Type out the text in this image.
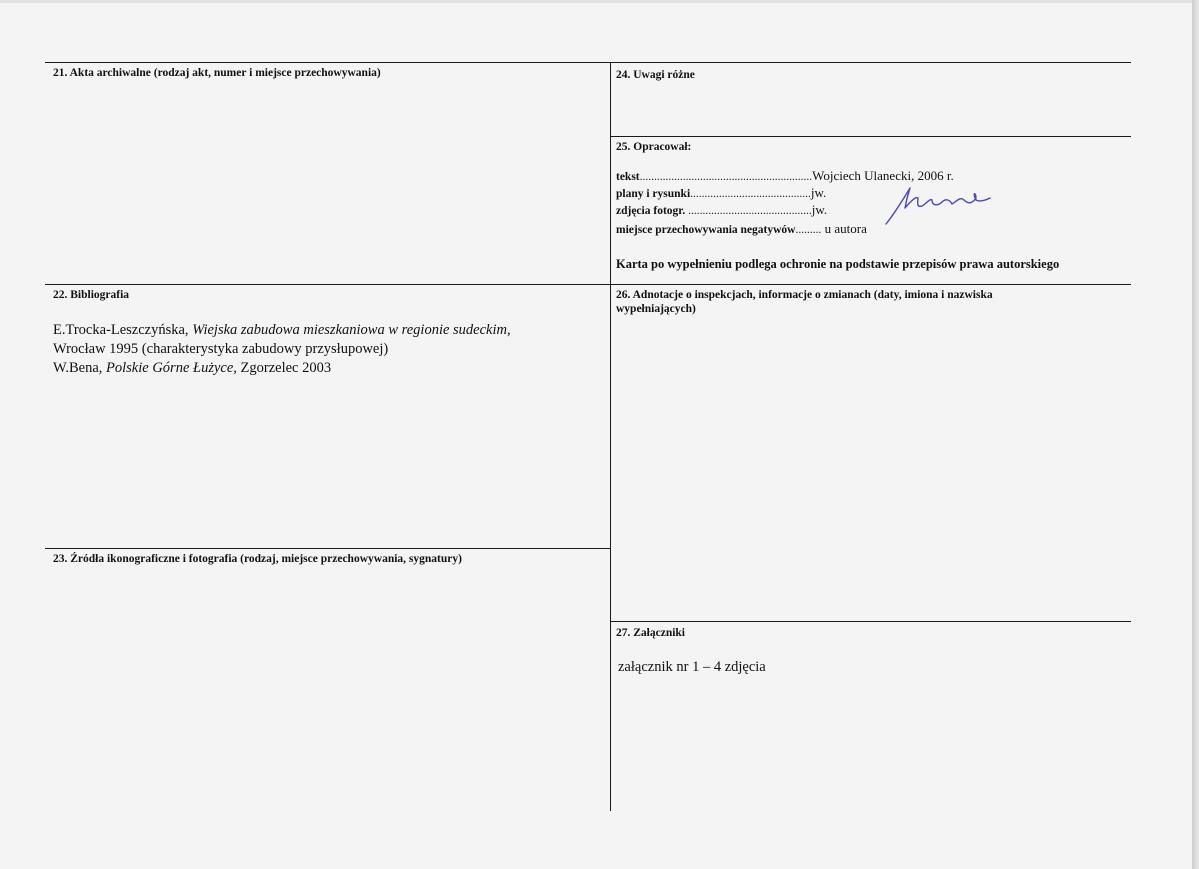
21. Akta archiwalne (rodzaj akt, numer i miejsce przechowywania)	24. Uwagi różne
25. Opracował:
tekst............................................................Wojciech Ulanecki, 2006 r.
plany i rysunki..........................................jw.
zdjęcia fotogr. ...........................................jw.
miejsce przechowywania negatywów......... u autora
Karta po wypełnieniu podlega ochronie na podstawie przepisów prawa autorskiego
22. Bibliografia
E.Trocka-Leszczyńska, Wiejska zabudowa mieszkaniowa w regionie sudeckim,
Wrocław 1995 (charakterystyka zabudowy przysłupowej)
W.Bena, Polskie Górne Łużyce, Zgorzelec 2003
26. Adnotacje o inspekcjach, informacje o zmianach (daty, imiona i nazwiska wypełniających)
23. Źródła ikonograficzne i fotografia (rodzaj, miejsce przechowywania, sygnatury)
27. Załączniki
załącznik nr 1 – 4 zdjęcia
